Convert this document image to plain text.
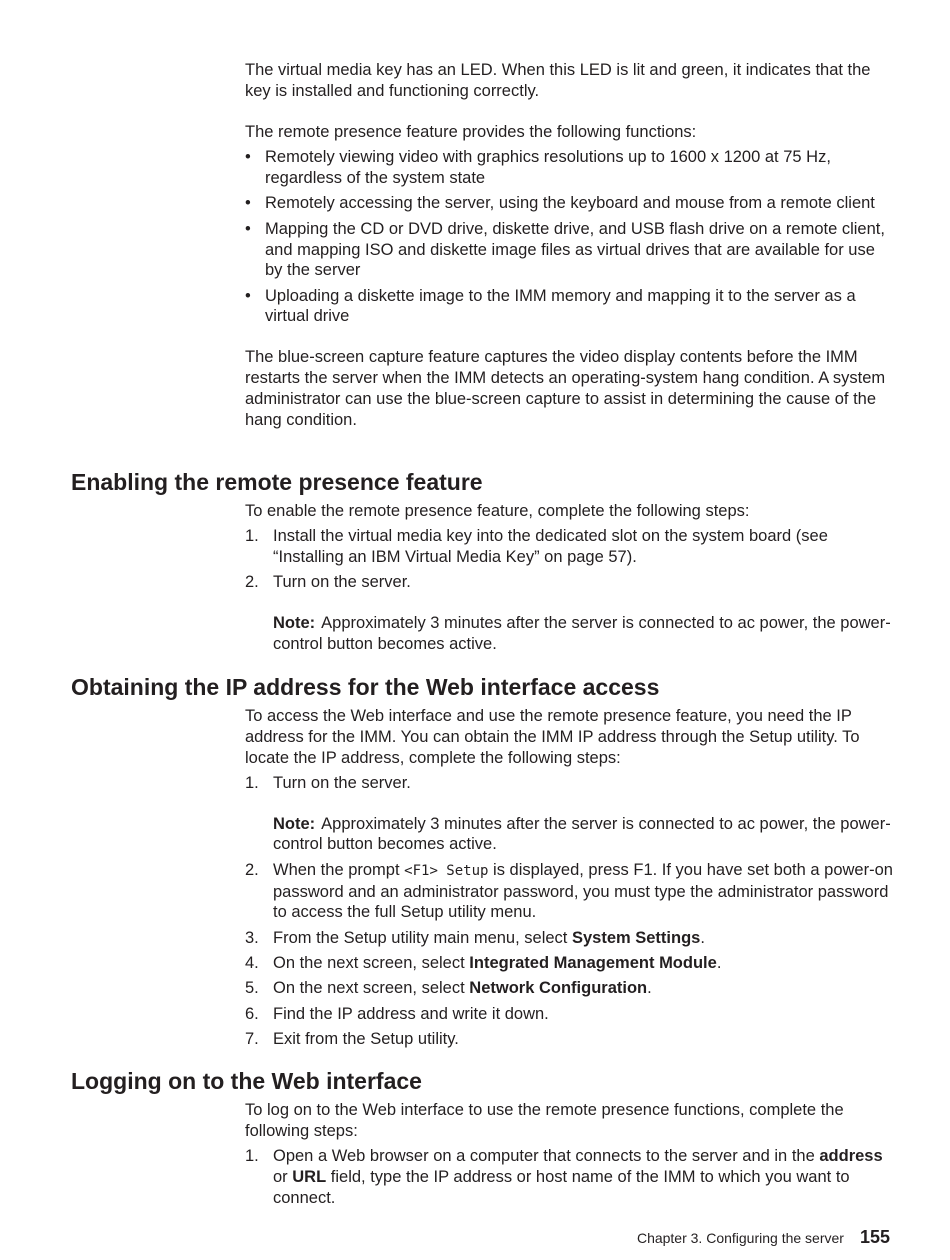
The virtual media key has an LED. When this LED is lit and green, it indicates that the key is installed and functioning correctly.

The remote presence feature provides the following functions:

• Remotely viewing video with graphics resolutions up to 1600 x 1200 at 75 Hz, regardless of the system state
• Remotely accessing the server, using the keyboard and mouse from a remote client
• Mapping the CD or DVD drive, diskette drive, and USB flash drive on a remote client, and mapping ISO and diskette image files as virtual drives that are available for use by the server
• Uploading a diskette image to the IMM memory and mapping it to the server as a virtual drive

The blue-screen capture feature captures the video display contents before the IMM restarts the server when the IMM detects an operating-system hang condition. A system administrator can use the blue-screen capture to assist in determining the cause of the hang condition.

Enabling the remote presence feature

To enable the remote presence feature, complete the following steps:

1. Install the virtual media key into the dedicated slot on the system board (see “Installing an IBM Virtual Media Key” on page 57).
2. Turn on the server.

Note: Approximately 3 minutes after the server is connected to ac power, the power-control button becomes active.

Obtaining the IP address for the Web interface access

To access the Web interface and use the remote presence feature, you need the IP address for the IMM. You can obtain the IMM IP address through the Setup utility. To locate the IP address, complete the following steps:

1. Turn on the server.

Note: Approximately 3 minutes after the server is connected to ac power, the power-control button becomes active.

2. When the prompt <F1> Setup is displayed, press F1. If you have set both a power-on password and an administrator password, you must type the administrator password to access the full Setup utility menu.
3. From the Setup utility main menu, select System Settings.
4. On the next screen, select Integrated Management Module.
5. On the next screen, select Network Configuration.
6. Find the IP address and write it down.
7. Exit from the Setup utility.
Logging on to the Web interface

To log on to the Web interface to use the remote presence functions, complete the following steps:

1. Open a Web browser on a computer that connects to the server and in the address or URL field, type the IP address or host name of the IMM to which you want to connect.
Chapter 3. Configuring the server 155
